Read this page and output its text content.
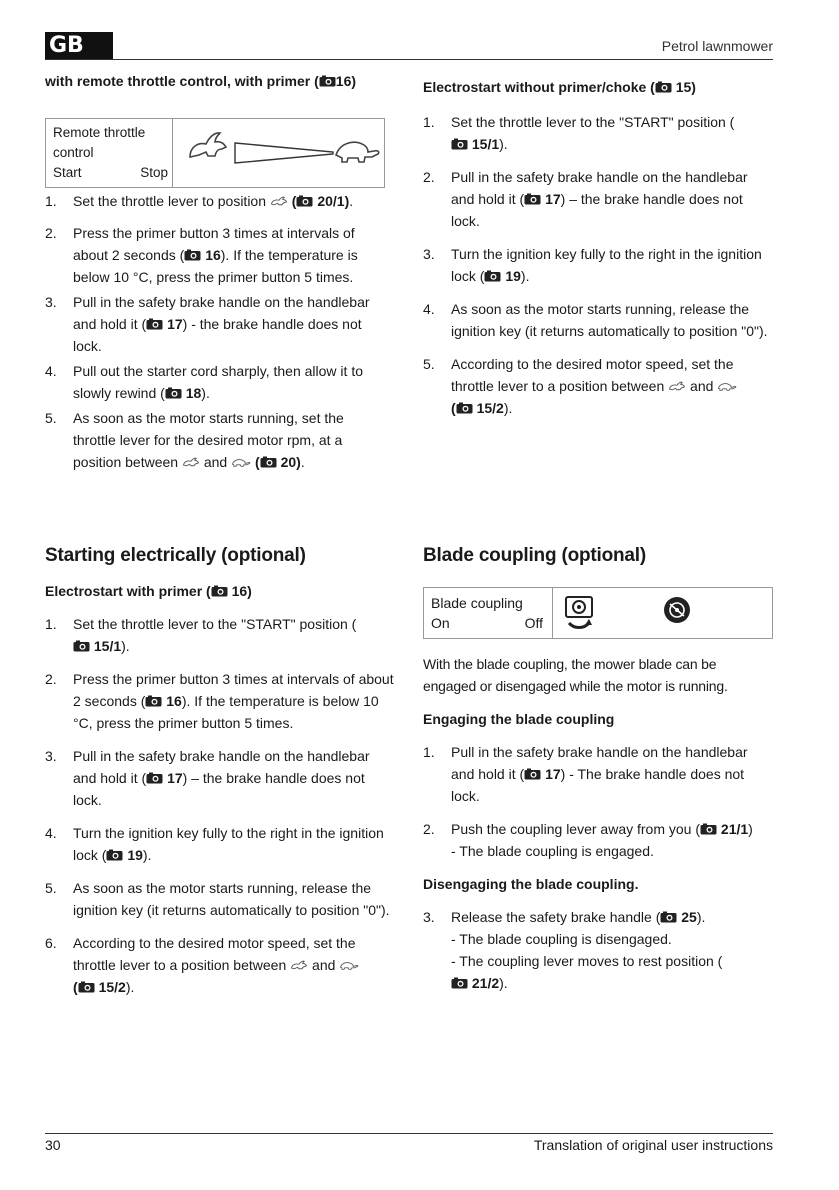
GB	Petrol lawnmower

with remote throttle control, with primer ( 16)

Remote throttle
control
Start	Stop
1. Set the throttle lever to position ( 20/1).
2. Press the primer button 3 times at intervals of about 2 seconds ( 16). If the temperature is below 10 °C, press the primer button 5 times.
3. Pull in the safety brake handle on the handlebar and hold it ( 17) - the brake handle does not lock.
4. Pull out the starter cord sharply, then allow it to slowly rewind ( 18).
5. As soon as the motor starts running, set the throttle lever for the desired motor rpm, at a position between and ( 20).

Electrostart without primer/choke ( 15)

1. Set the throttle lever to the "START" position ( 15/1).
2. Pull in the safety brake handle on the handlebar and hold it ( 17) – the brake handle does not lock.
3. Turn the ignition key fully to the right in the ignition lock ( 19).
4. As soon as the motor starts running, release the ignition key (it returns automatically to position "0").
5. According to the desired motor speed, set the throttle lever to a position between and
( 15/2).

Starting electrically (optional)

Electrostart with primer ( 16)

1. Set the throttle lever to the "START" position ( 15/1).
2. Press the primer button 3 times at intervals of about 2 seconds ( 16). If the temperature is below 10 °C, press the primer button 5 times.
3. Pull in the safety brake handle on the handlebar and hold it ( 17) – the brake handle does not lock.
4. Turn the ignition key fully to the right in the ignition lock ( 19).
5. As soon as the motor starts running, release the ignition key (it returns automatically to position "0").
6. According to the desired motor speed, set the throttle lever to a position between and
( 15/2).

Blade coupling (optional)

Blade coupling
On	Off
With the blade coupling, the mower blade can be engaged or disengaged while the motor is running.

Engaging the blade coupling

1. Pull in the safety brake handle on the handlebar and hold it ( 17) - The brake handle does not lock.
2. Push the coupling lever away from you ( 21/1)
- The blade coupling is engaged.

Disengaging the blade coupling.

3. Release the safety brake handle ( 25).
- The blade coupling is disengaged.
- The coupling lever moves to rest position ( 21/2).
30	Translation of original user instructions
